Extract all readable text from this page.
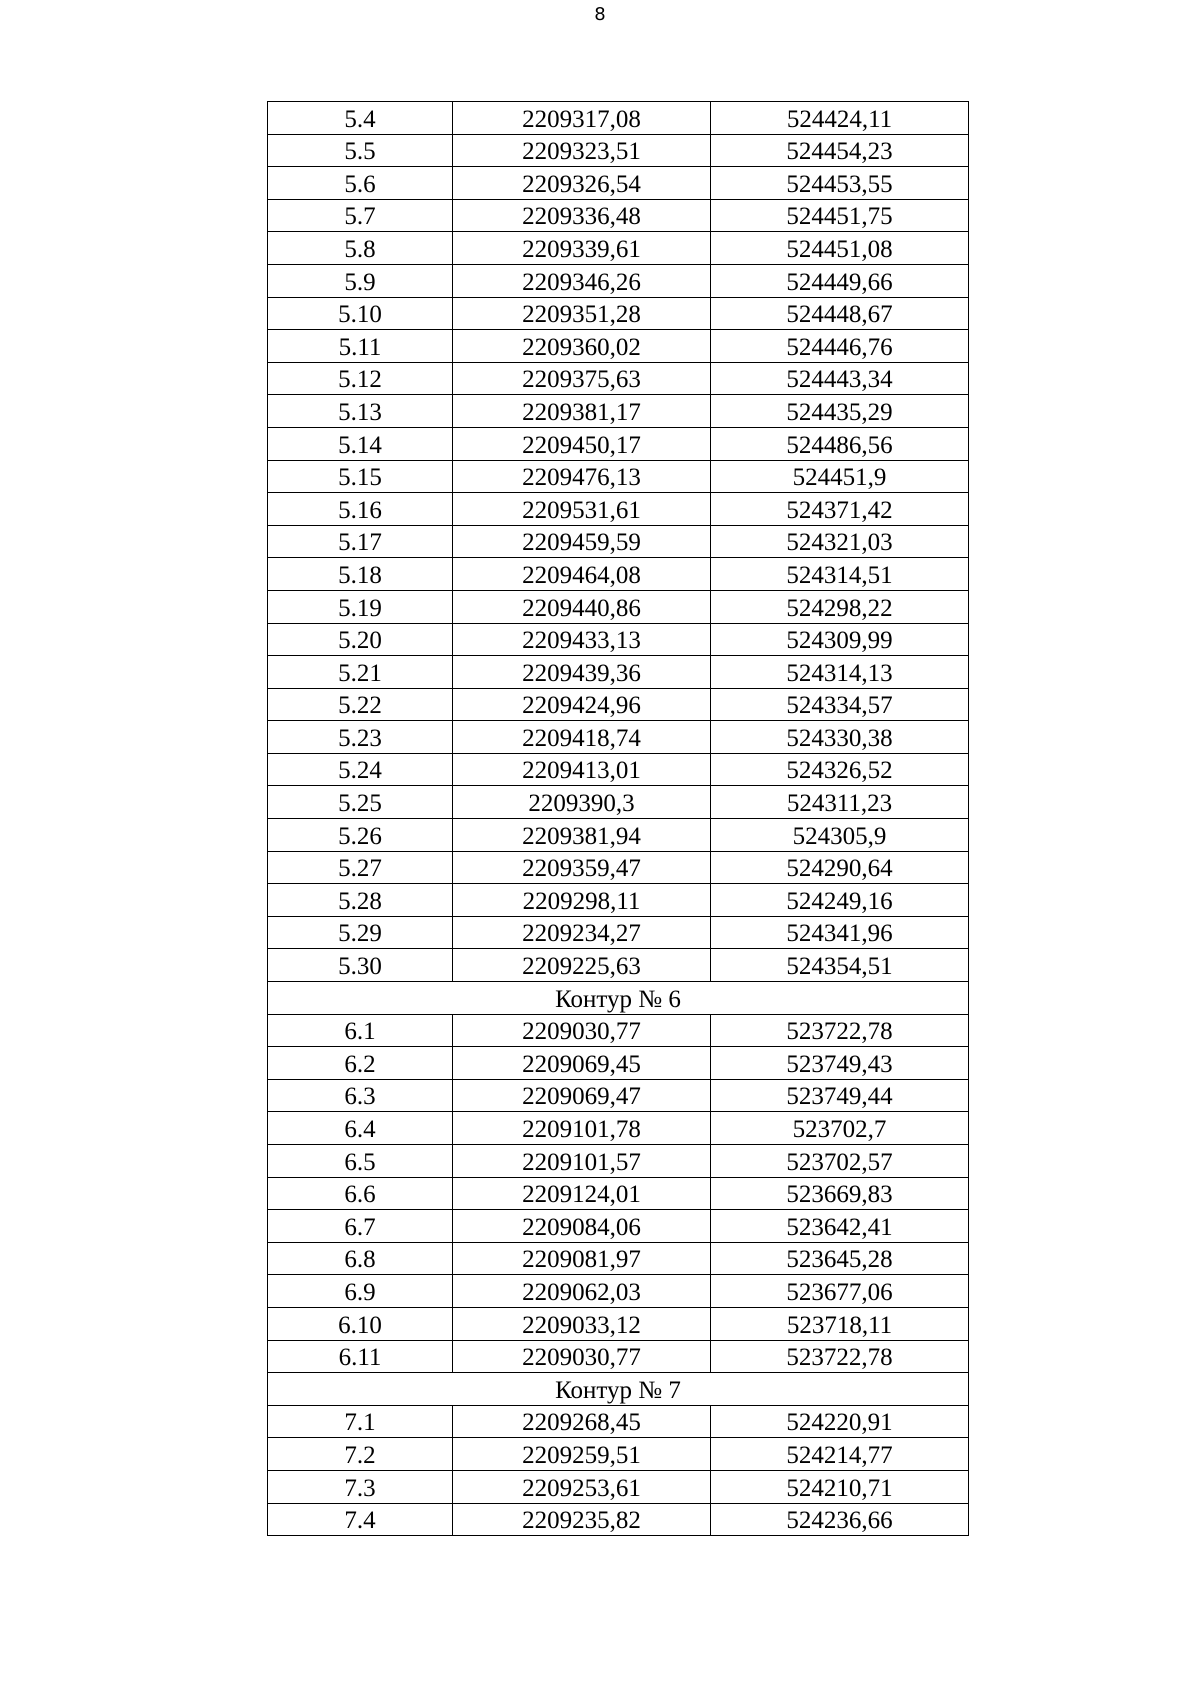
8
5.4	2209317,08	524424,11
5.5	2209323,51	524454,23
5.6	2209326,54	524453,55
5.7	2209336,48	524451,75
5.8	2209339,61	524451,08
5.9	2209346,26	524449,66
5.10	2209351,28	524448,67
5.11	2209360,02	524446,76
5.12	2209375,63	524443,34
5.13	2209381,17	524435,29
5.14	2209450,17	524486,56
5.15	2209476,13	524451,9
5.16	2209531,61	524371,42
5.17	2209459,59	524321,03
5.18	2209464,08	524314,51
5.19	2209440,86	524298,22
5.20	2209433,13	524309,99
5.21	2209439,36	524314,13
5.22	2209424,96	524334,57
5.23	2209418,74	524330,38
5.24	2209413,01	524326,52
5.25	2209390,3	524311,23
5.26	2209381,94	524305,9
5.27	2209359,47	524290,64
5.28	2209298,11	524249,16
5.29	2209234,27	524341,96
5.30	2209225,63	524354,51
Контур № 6		
6.1	2209030,77	523722,78
6.2	2209069,45	523749,43
6.3	2209069,47	523749,44
6.4	2209101,78	523702,7
6.5	2209101,57	523702,57
6.6	2209124,01	523669,83
6.7	2209084,06	523642,41
6.8	2209081,97	523645,28
6.9	2209062,03	523677,06
6.10	2209033,12	523718,11
6.11	2209030,77	523722,78
Контур № 7		
7.1	2209268,45	524220,91
7.2	2209259,51	524214,77
7.3	2209253,61	524210,71
7.4	2209235,82	524236,66
